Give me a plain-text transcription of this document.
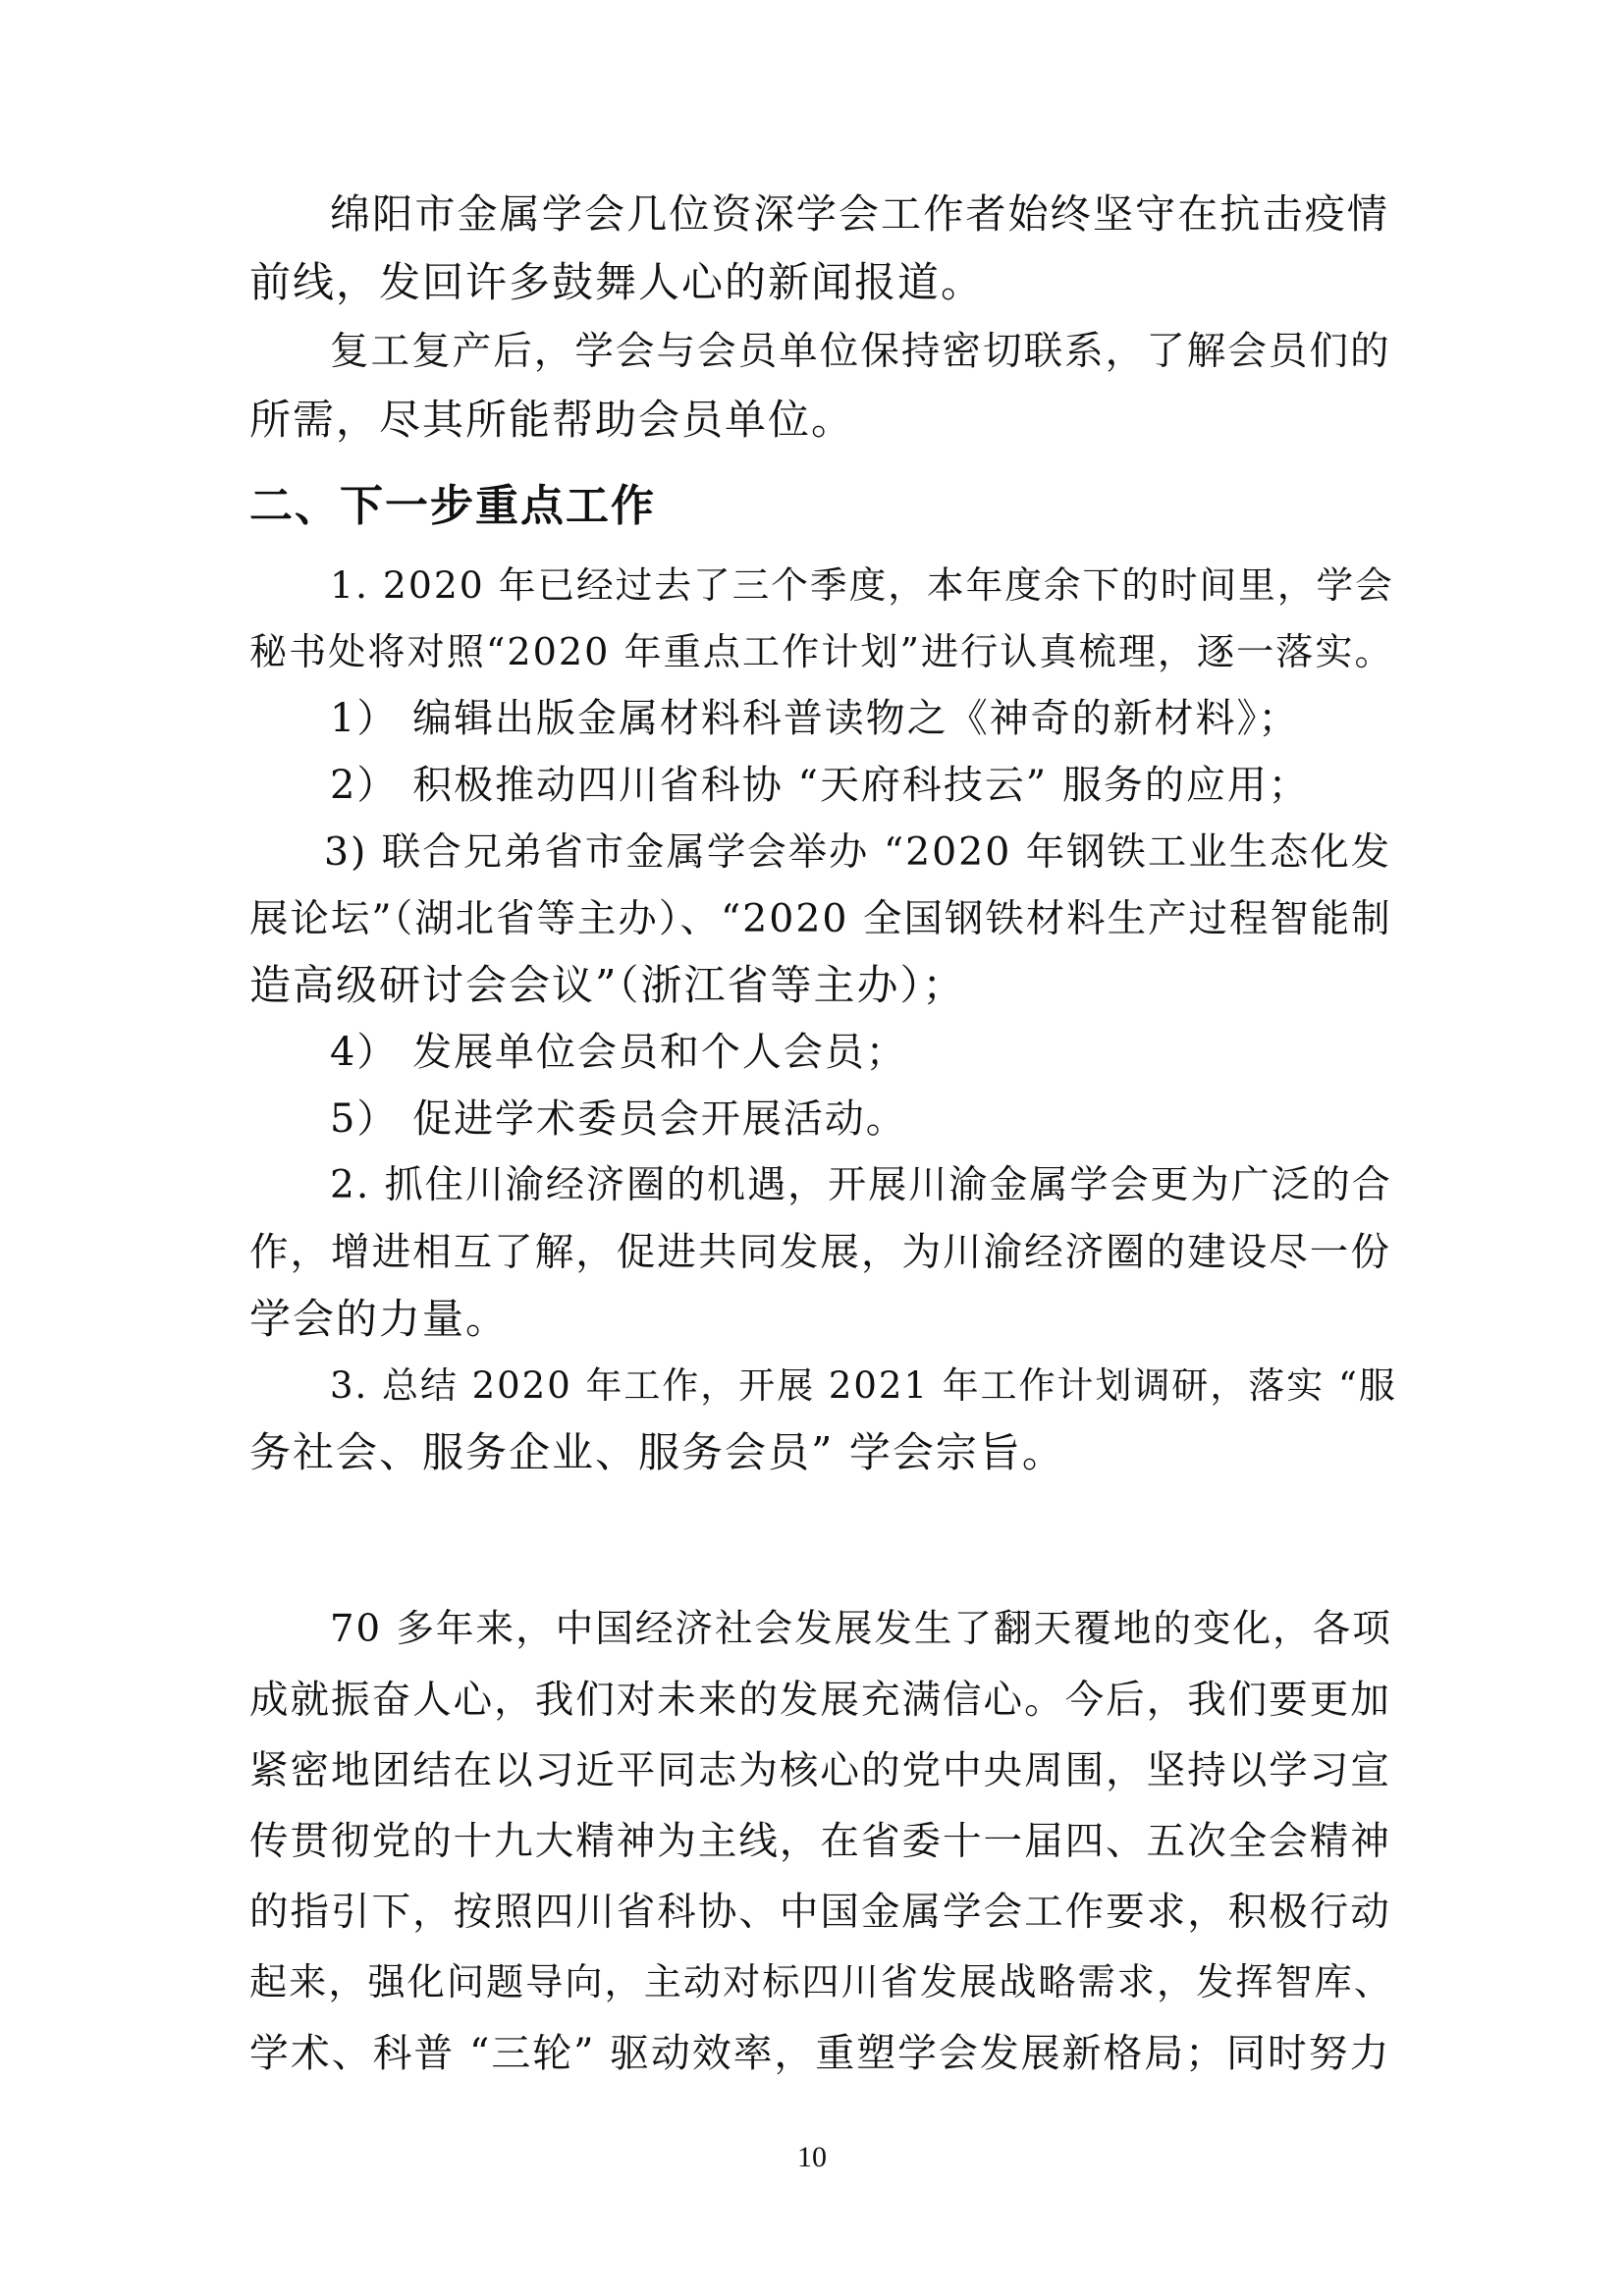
绵阳市金属学会几位资深学会工作者始终坚守在抗击疫情
前线，发回许多鼓舞人心的新闻报道。
复工复产后，学会与会员单位保持密切联系，了解会员们的
所需，尽其所能帮助会员单位。
二、下一步重点工作
1. 2020 年已经过去了三个季度，本年度余下的时间里，学会
秘书处将对照“2020 年重点工作计划”进行认真梳理，逐一落实。
1） 编辑出版金属材料科普读物之《神奇的新材料》；
2） 积极推动四川省科协 “天府科技云” 服务的应用；
3) 联合兄弟省市金属学会举办 “2020 年钢铁工业生态化发
展论坛”（湖北省等主办）、“2020 全国钢铁材料生产过程智能制
造高级研讨会会议”（浙江省等主办）；
4） 发展单位会员和个人会员；
5） 促进学术委员会开展活动。
2. 抓住川渝经济圈的机遇，开展川渝金属学会更为广泛的合
作，增进相互了解，促进共同发展，为川渝经济圈的建设尽一份
学会的力量。
3. 总结 2020 年工作，开展 2021 年工作计划调研，落实 “服
务社会、服务企业、服务会员” 学会宗旨。
70 多年来，中国经济社会发展发生了翻天覆地的变化，各项
成就振奋人心，我们对未来的发展充满信心。今后，我们要更加
紧密地团结在以习近平同志为核心的党中央周围，坚持以学习宣
传贯彻党的十九大精神为主线，在省委十一届四、五次全会精神
的指引下，按照四川省科协、中国金属学会工作要求，积极行动
起来，强化问题导向，主动对标四川省发展战略需求，发挥智库、
学术、科普 “三轮” 驱动效率，重塑学会发展新格局；同时努力
10
